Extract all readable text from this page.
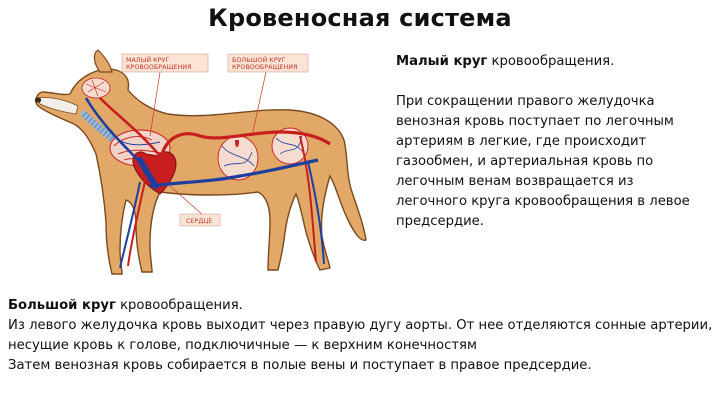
Кровеносная система
МАЛЫЙ КРУГ
КРОВООБРАЩЕНИЯ
БОЛЬШОЙ КРУГ
КРОВООБРАЩЕНИЯ
СЕРДЦЕ

Малый круг кровообращения.

При сокращении правого желудочка венозная кровь поступает по легочным артериям в легкие, где происходит газообмен, и артериальная кровь по легочным венам возвращается из легочного круга кровообращения в левое предсердие.

Большой круг кровообращения.

Из левого желудочка кровь выходит через правую дугу аорты. От нее отделяются сонные артерии, несущие кровь к голове, подключичные — к верхним конечностям

Затем венозная кровь собирается в полые вены и поступает в правое предсердие.
